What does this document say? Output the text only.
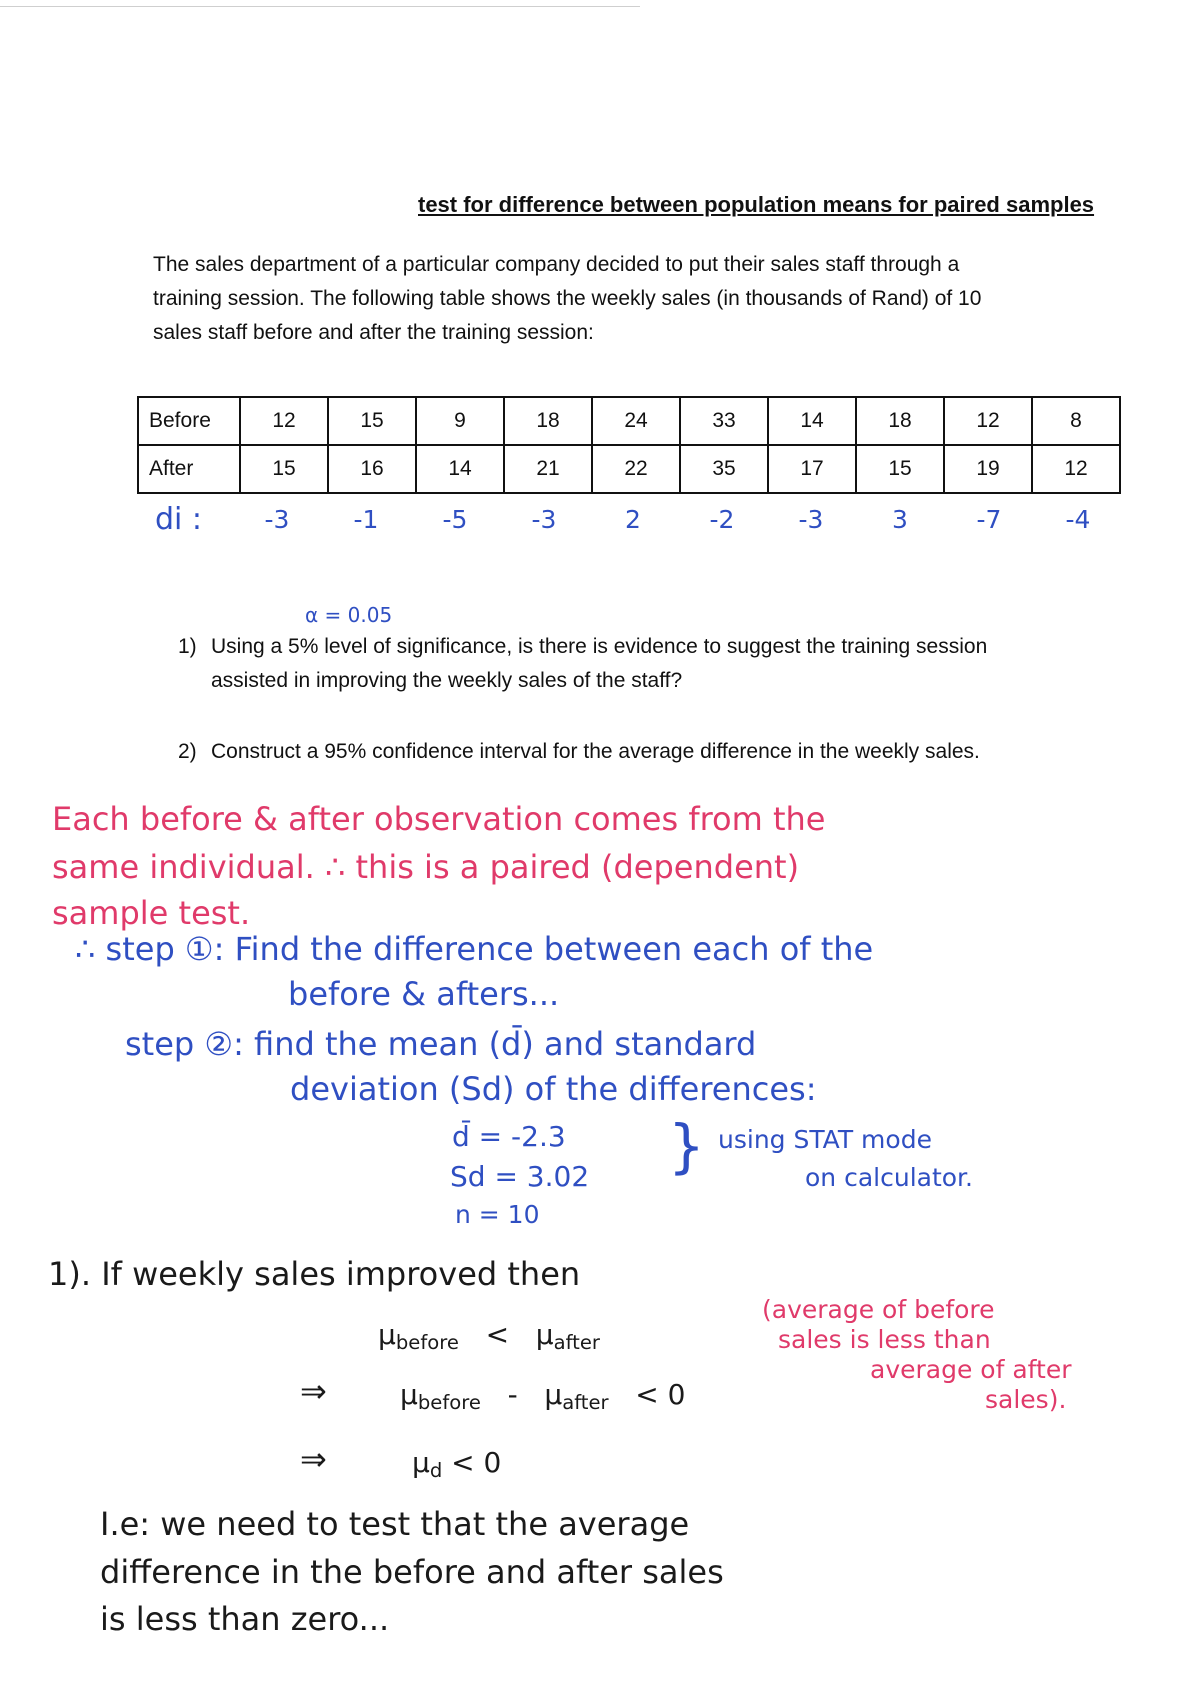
test for difference between population means for paired samples

The sales department of a particular company decided to put their sales staff through a

training session. The following table shows the weekly sales (in thousands of Rand) of 10

sales staff before and after the training session:

Before	12	15	9	18	24	33	14	18	12	8
After	15	16	14	21	22	35	17	15	19	12
di :	-3	-1	-5	-3	2	-2	-3	3	-7	-4
α = 0.05
1) Using a 5% level of significance, is there is evidence to suggest the training session
assisted in improving the weekly sales of the staff?
2) Construct a 95% confidence interval for the average difference in the weekly sales.
Each before & after observation comes from the
same individual. ∴ this is a paired (dependent)
sample test.
∴ step ①: Find the difference between each of the
before & afters...
step ②: find the mean (d̄) and standard
deviation (Sd) of the differences:
d̄ = -2.3
Sd = 3.02
n = 10
} using STAT mode
on calculator.
1). If weekly sales improved then
$\mu_{before} < \mu_{after}$
⇒	$\mu_{before} - \mu_{after} < 0$
⇒	$\mu_d < 0$
(average of before
sales is less than
average of after
sales).
I.e: we need to test that the average
difference in the before and after sales
is less than zero...
